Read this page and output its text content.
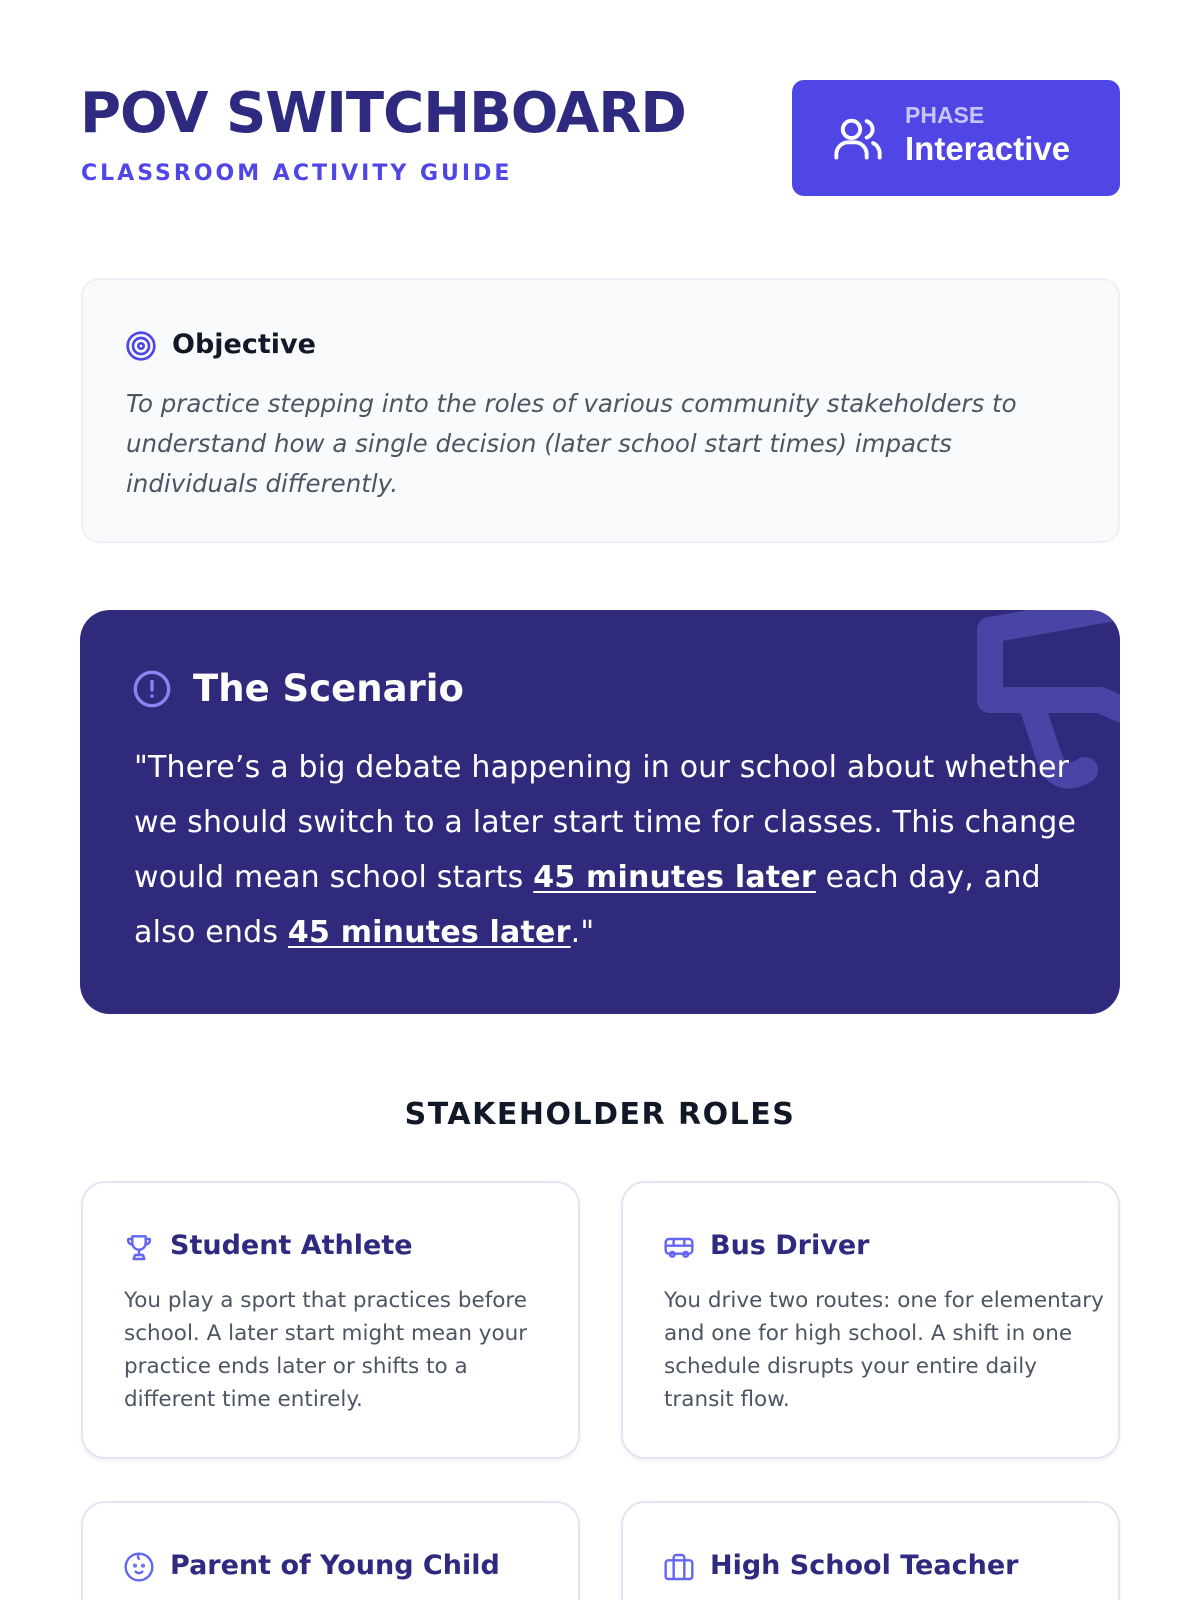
POV SWITCHBOARD
CLASSROOM ACTIVITY GUIDE
PHASE
Interactive
Objective
To practice stepping into the roles of various community stakeholders to understand how a single decision (later school start times) impacts individuals differently.
The Scenario
"There’s a big debate happening in our school about whether we should switch to a later start time for classes. This change would mean school starts 45 minutes later each day, and also ends 45 minutes later."
STAKEHOLDER ROLES
Student Athlete
You play a sport that practices before school. A later start might mean your practice ends later or shifts to a different time entirely.
Bus Driver
You drive two routes: one for elementary and one for high school. A shift in one schedule disrupts your entire daily transit flow.
Parent of Young Child	High School Teacher
